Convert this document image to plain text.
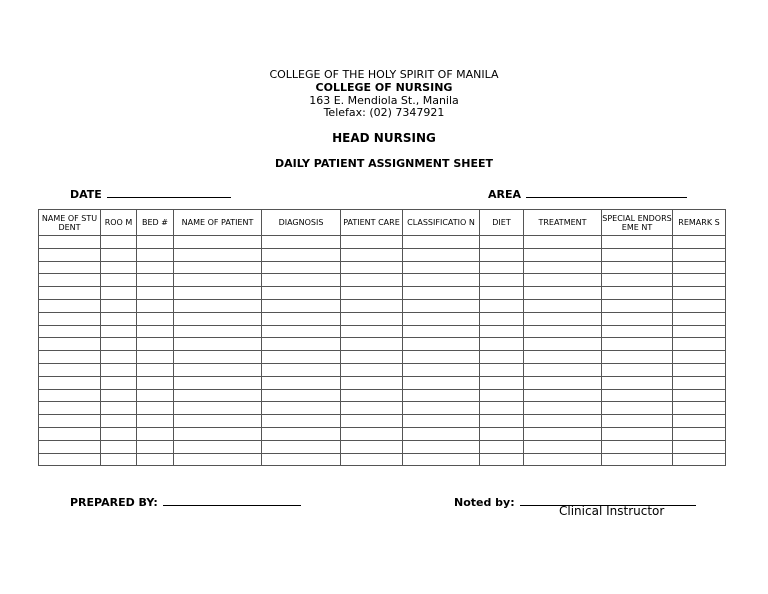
COLLEGE OF THE HOLY SPIRIT OF MANILA
COLLEGE OF NURSING
163 E. Mendiola St., Manila
Telefax: (02) 7347921
HEAD NURSING
DAILY PATIENT ASSIGNMENT SHEET
DATE	AREA
NAME OF STUDENT	ROO M	BED #	NAME OF PATIENT	DIAGNOSIS	PATIENT CARE	CLASSIFICATIO N	DIET	TREATMENT	SPECIAL ENDORSEME NT	REMARK S

PREPARED BY:	Noted by:
Clinical Instructor
